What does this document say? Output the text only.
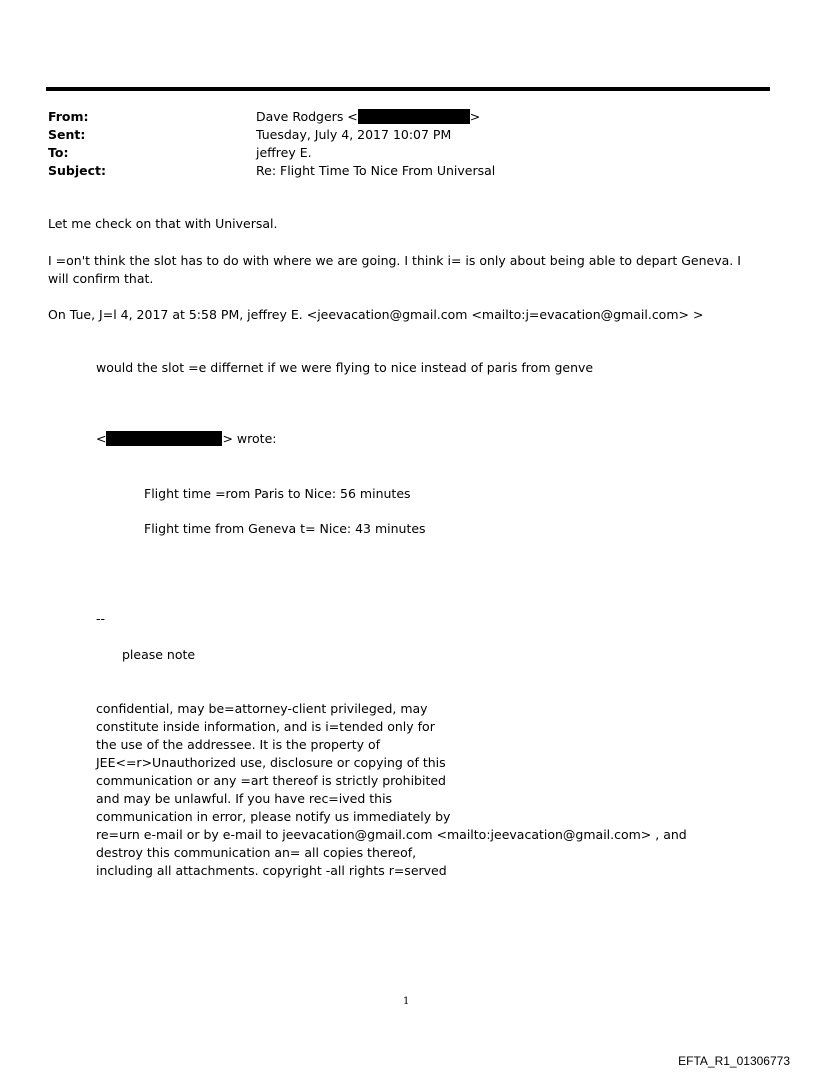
From:	Dave Rodgers <	>
Sent:	Tuesday, July 4, 2017 10:07 PM
To:	jeffrey E.
Subject:	Re: Flight Time To Nice From Universal
Let me check on that with Universal.
I =on't think the slot has to do with where we are going. I think i= is only about being able to depart Geneva. I will confirm that.
On Tue, J=l 4, 2017 at 5:58 PM, jeffrey E. <jeevacation@gmail.com <mailto:j=evacation@gmail.com> >
would the slot =e differnet if we were flying to nice instead of paris from genve
<	> wrote:
Flight time =rom Paris to Nice: 56 minutes
Flight time from Geneva t= Nice: 43 minutes
--
please note
confidential, may be=attorney-client privileged, may
constitute inside information, and is i=tended only for
the use of the addressee. It is the property of
JEE<=r>Unauthorized use, disclosure or copying of this
communication or any =art thereof is strictly prohibited
and may be unlawful. If you have rec=ived this
communication in error, please notify us immediately by
re=urn e-mail or by e-mail to jeevacation@gmail.com <mailto:jeevacation@gmail.com> , and
destroy this communication an= all copies thereof,
including all attachments. copyright -all rights r=served
1
EFTA_R1_01306773
